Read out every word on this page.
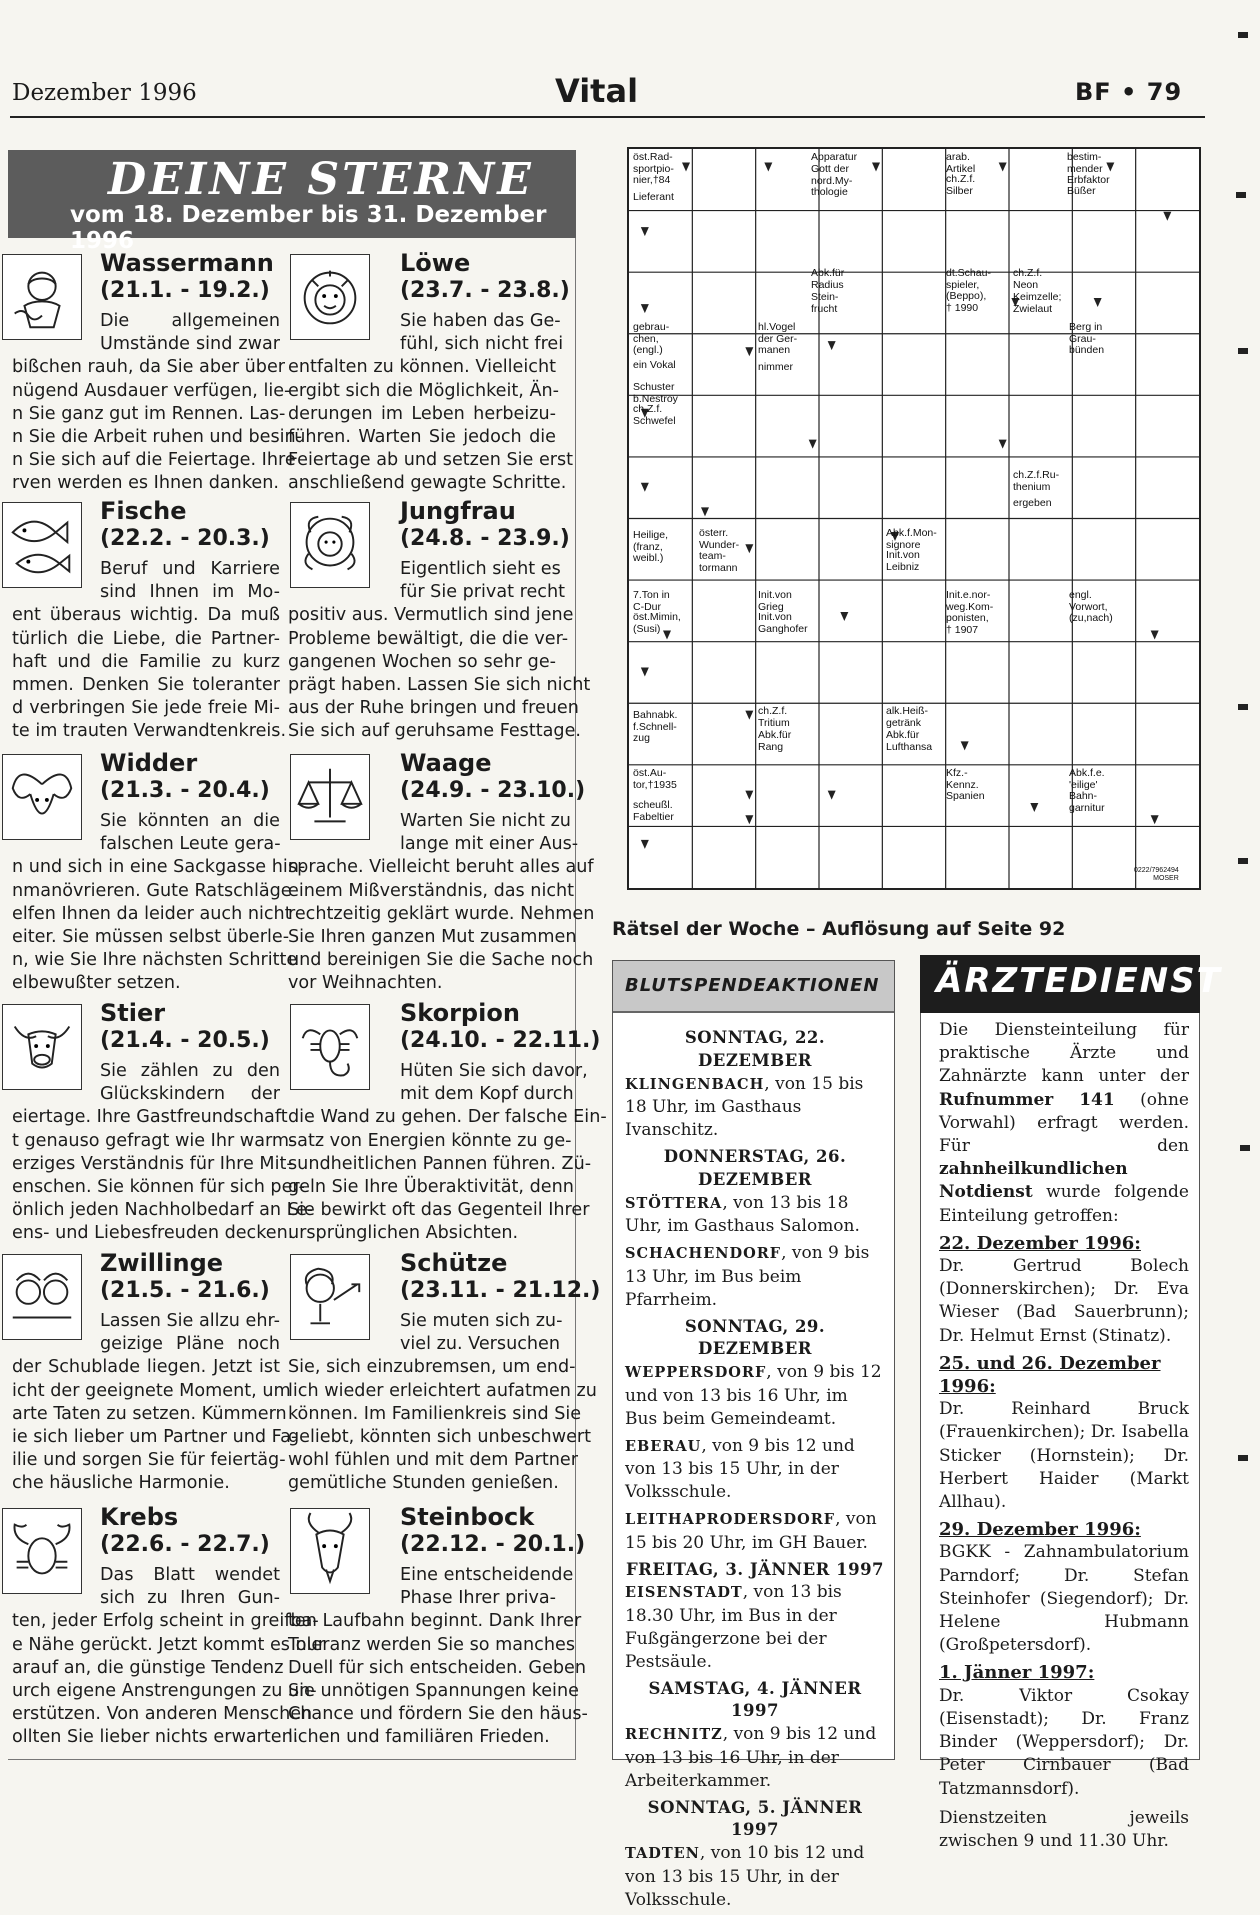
Dezember 1996	Vital	BF • 79
DEINE STERNE
vom 18. Dezember bis 31. Dezember 1996
Wassermann
(21.1. - 19.2.)
Die allgemeinen
Umstände sind zwar
bißchen rauh, da Sie aber über
nügend Ausdauer verfügen, lie-
n Sie ganz gut im Rennen. Las-
n Sie die Arbeit ruhen und besin-
n Sie sich auf die Feiertage. Ihre
rven werden es Ihnen danken.
Löwe
(23.7. - 23.8.)
Sie haben das Ge-
fühl, sich nicht frei
entfalten zu können. Vielleicht
ergibt sich die Möglichkeit, Än-
derungen im Leben herbeizu-
führen. Warten Sie jedoch die
Feiertage ab und setzen Sie erst
anschließend gewagte Schritte.
Fische
(22.2. - 20.3.)
Beruf und Karriere
sind Ihnen im Mo-
ent überaus wichtig. Da muß
türlich die Liebe, die Partner-
haft und die Familie zu kurz
mmen. Denken Sie toleranter
d verbringen Sie jede freie Mi-
te im trauten Verwandtenkreis.
Jungfrau
(24.8. - 23.9.)
Eigentlich sieht es
für Sie privat recht
positiv aus. Vermutlich sind jene
Probleme bewältigt, die die ver-
gangenen Wochen so sehr ge-
prägt haben. Lassen Sie sich nicht
aus der Ruhe bringen und freuen
Sie sich auf geruhsame Festtage.
Widder
(21.3. - 20.4.)
Sie könnten an die
falschen Leute gera-
n und sich in eine Sackgasse hin-
nmanövrieren. Gute Ratschläge
elfen Ihnen da leider auch nicht
eiter. Sie müssen selbst überle-
n, wie Sie Ihre nächsten Schritte
elbewußter setzen.
Waage
(24.9. - 23.10.)
Warten Sie nicht zu
lange mit einer Aus-
sprache. Vielleicht beruht alles auf
einem Mißverständnis, das nicht
rechtzeitig geklärt wurde. Nehmen
Sie Ihren ganzen Mut zusammen
und bereinigen Sie die Sache noch
vor Weihnachten.
Stier
(21.4. - 20.5.)
Sie zählen zu den
Glückskindern der
eiertage. Ihre Gastfreundschaft
t genauso gefragt wie Ihr warm-
erziges Verständnis für Ihre Mit-
enschen. Sie können für sich per-
önlich jeden Nachholbedarf an Le-
ens- und Liebesfreuden decken.
Skorpion
(24.10. - 22.11.)
Hüten Sie sich davor,
mit dem Kopf durch
die Wand zu gehen. Der falsche Ein-
satz von Energien könnte zu ge-
sundheitlichen Pannen führen. Zü-
geln Sie Ihre Überaktivität, denn
Sie bewirkt oft das Gegenteil Ihrer
ursprünglichen Absichten.
Zwillinge
(21.5. - 21.6.)
Lassen Sie allzu ehr-
geizige Pläne noch
der Schublade liegen. Jetzt ist
icht der geeignete Moment, um
arte Taten zu setzen. Kümmern
ie sich lieber um Partner und Fa-
ilie und sorgen Sie für feiertäg-
che häusliche Harmonie.
Schütze
(23.11. - 21.12.)
Sie muten sich zu-
viel zu. Versuchen
Sie, sich einzubremsen, um end-
lich wieder erleichtert aufatmen zu
können. Im Familienkreis sind Sie
geliebt, könnten sich unbeschwert
wohl fühlen und mit dem Partner
gemütliche Stunden genießen.
Krebs
(22.6. - 22.7.)
Das Blatt wendet
sich zu Ihren Gun-
ten, jeder Erfolg scheint in greifba-
e Nähe gerückt. Jetzt kommt es nur
arauf an, die günstige Tendenz
urch eigene Anstrengungen zu un-
erstützen. Von anderen Menschen
ollten Sie lieber nichts erwarten.
Steinbock
(22.12. - 20.1.)
Eine entscheidende
Phase Ihrer priva-
ten Laufbahn beginnt. Dank Ihrer
Toleranz werden Sie so manches
Duell für sich entscheiden. Geben
Sie unnötigen Spannungen keine
Chance und fördern Sie den häus-
lichen und familiären Frieden.
öst.Rad-
sportpio-
nier,†84
Lieferant
Apparatur
Gott der
nord.My-
thologie
arab.
Artikel
ch.Z.f.
Silber
bestim-
mender
Erbfaktor
Büßer
Abk.für
Radius
Stein-
frucht
dt.Schau-
spieler,
(Beppo),
† 1990
ch.Z.f.
Neon
Keimzelle;
Zwielaut
gebrau-
chen,
(engl.)
ein Vokal
hl.Vogel
der Ger-
manen
nimmer
Berg in
Grau-
bünden
Schuster
b.Nestroy
ch.Z.f.
Schwefel
ch.Z.f.Ru-
thenium
ergeben
Heilige,
(franz,
weibl.)
österr.
Wunder-
team-
tormann
Abk.f.Mon-
signore
Init.von
Leibniz
7.Ton in
C-Dur
öst.Mimin,
(Susi)
Init.von
Grieg
Init.von
Ganghofer
Init.e.nor-
weg.Kom-
ponisten,
† 1907
engl.
Vorwort,
(zu,nach)
Bahnabk.
f.Schnell-
zug
ch.Z.f.
Tritium
Abk.für
Rang
alk.Heiß-
getränk
Abk.für
Lufthansa
öst.Au-
tor,†1935
scheußl.
Fabeltier
Kfz.-
Kennz.
Spanien
Abk.f.e.
'eilige'
Bahn-
garnitur
0222/7962494
MOSER
Rätsel der Woche – Auflösung auf Seite 92
BLUTSPENDEAKTIONEN
SONNTAG, 22. DEZEMBER

KLINGENBACH, von 15 bis 18 Uhr, im Gasthaus Ivanschitz.

DONNERSTAG, 26. DEZEMBER

STÖTTERA, von 13 bis 18 Uhr, im Gasthaus Salomon.

SCHACHENDORF, von 9 bis 13 Uhr, im Bus beim Pfarrheim.

SONNTAG, 29. DEZEMBER

WEPPERSDORF, von 9 bis 12 und von 13 bis 16 Uhr, im Bus beim Gemeindeamt.

EBERAU, von 9 bis 12 und von 13 bis 15 Uhr, in der Volksschule.

LEITHAPRODERSDORF, von 15 bis 20 Uhr, im GH Bauer.

FREITAG, 3. JÄNNER 1997

EISENSTADT, von 13 bis 18.30 Uhr, im Bus in der Fußgängerzone bei der Pestsäule.

SAMSTAG, 4. JÄNNER 1997

RECHNITZ, von 9 bis 12 und von 13 bis 16 Uhr, in der Arbeiterkammer.

SONNTAG, 5. JÄNNER 1997

TADTEN, von 10 bis 12 und von 13 bis 15 Uhr, in der Volksschule.

ÄRZTEDIENST

Die Diensteinteilung für praktische Ärzte und Zahnärzte kann unter der Rufnummer 141 (ohne Vorwahl) erfragt werden. Für den zahnheilkundlichen Notdienst wurde folgende Einteilung getroffen:

22. Dezember 1996:

Dr. Gertrud Bolech (Donnerskirchen); Dr. Eva Wieser (Bad Sauerbrunn); Dr. Helmut Ernst (Stinatz).

25. und 26. Dezember 1996:

Dr. Reinhard Bruck (Frauenkirchen); Dr. Isabella Sticker (Hornstein); Dr. Herbert Haider (Markt Allhau).

29. Dezember 1996:

BGKK - Zahnambulatorium Parndorf; Dr. Stefan Steinhofer (Siegendorf); Dr. Helene Hubmann (Großpetersdorf).

1. Jänner 1997:

Dr. Viktor Csokay (Eisenstadt); Dr. Franz Binder (Weppersdorf); Dr. Peter Cirnbauer (Bad Tatzmannsdorf).

Dienstzeiten jeweils zwischen 9 und 11.30 Uhr.
